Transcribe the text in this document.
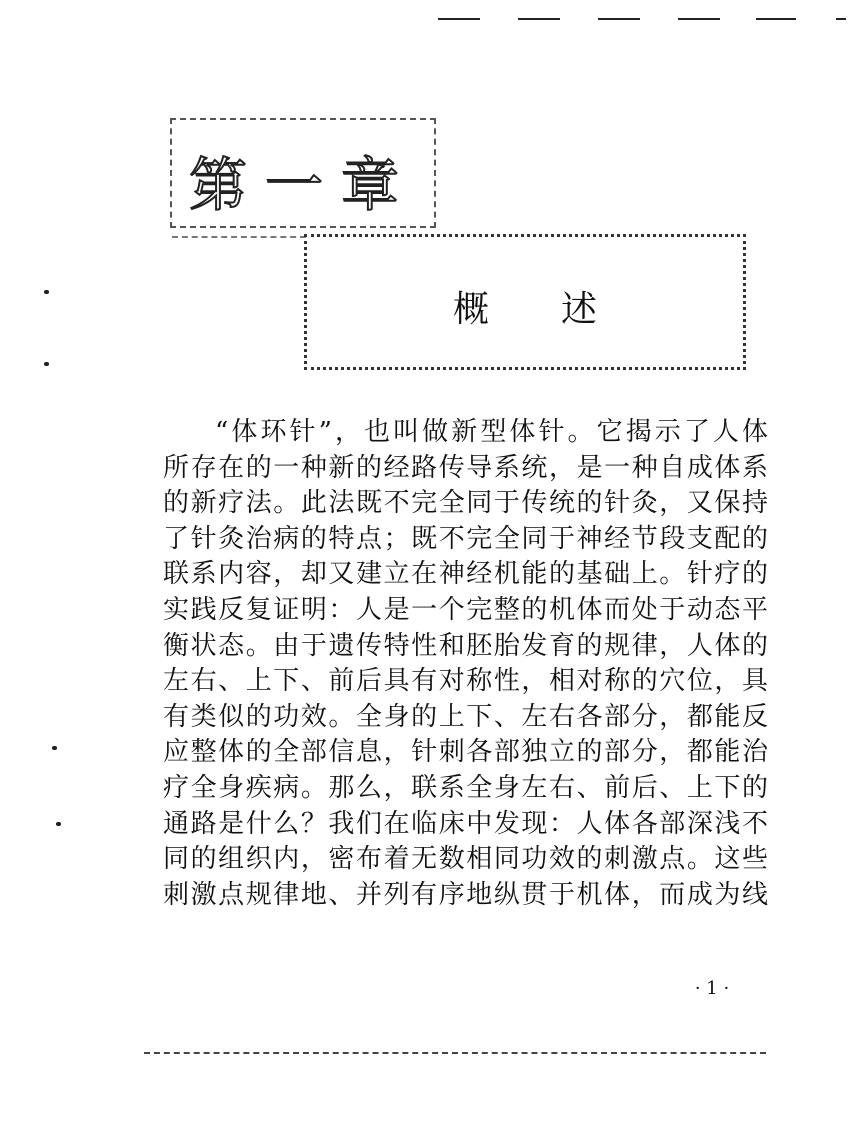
第一章
概述
“体环针”，也叫做新型体针。它揭示了人体
所存在的一种新的经路传导系统，是一种自成体系
的新疗法。此法既不完全同于传统的针灸，又保持
了针灸治病的特点；既不完全同于神经节段支配的
联系内容，却又建立在神经机能的基础上。针疗的
实践反复证明：人是一个完整的机体而处于动态平
衡状态。由于遗传特性和胚胎发育的规律，人体的
左右、上下、前后具有对称性，相对称的穴位，具
有类似的功效。全身的上下、左右各部分，都能反
应整体的全部信息，针刺各部独立的部分，都能治
疗全身疾病。那么，联系全身左右、前后、上下的
通路是什么？我们在临床中发现：人体各部深浅不
同的组织内，密布着无数相同功效的刺激点。这些
刺激点规律地、并列有序地纵贯于机体，而成为线
· 1 ·
